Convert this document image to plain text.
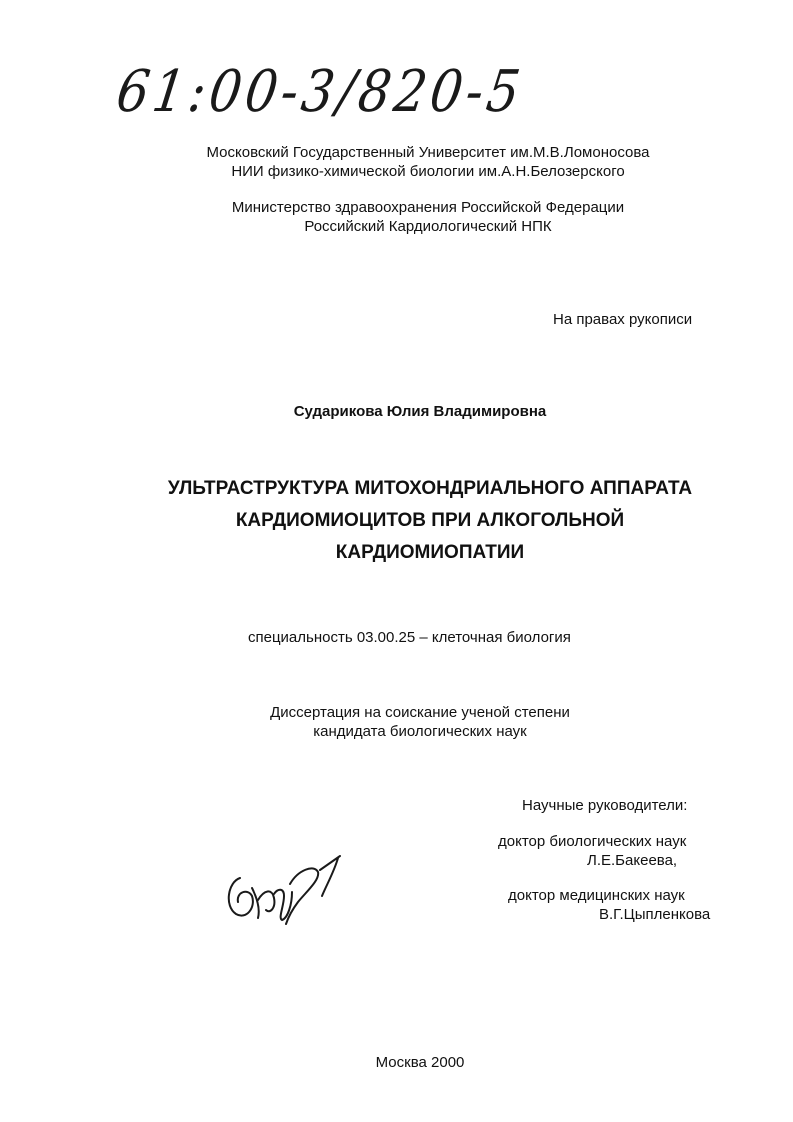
61:00-3/820-5
Московский Государственный Университет им.М.В.Ломоносова
НИИ физико-химической биологии им.А.Н.Белозерского
Министерство здравоохранения Российской Федерации
Российский Кардиологический НПК
На правах рукописи
Сударикова Юлия Владимировна
УЛЬТРАСТРУКТУРА МИТОХОНДРИАЛЬНОГО АППАРАТА
КАРДИОМИОЦИТОВ ПРИ АЛКОГОЛЬНОЙ
КАРДИОМИОПАТИИ
специальность 03.00.25 – клеточная биология
Диссертация на соискание ученой степени
кандидата биологических наук
Научные руководители:
доктор биологических наук
Л.Е.Бакеева,
доктор медицинских наук
В.Г.Цыпленкова
Москва 2000
